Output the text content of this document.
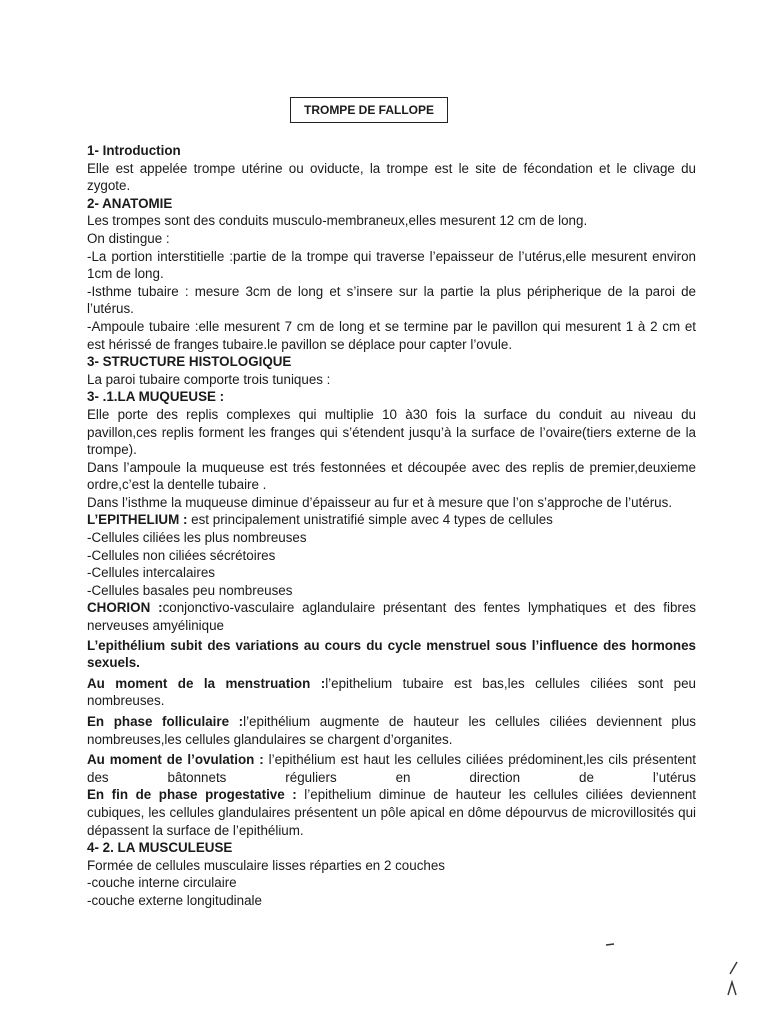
TROMPE DE FALLOPE

1- Introduction

Elle est appelée trompe utérine ou oviducte, la trompe est le site de fécondation et le clivage du zygote.

2- ANATOMIE

Les trompes sont des conduits musculo-membraneux,elles mesurent 12 cm de long.

On distingue :

-La portion interstitielle :partie de la trompe qui traverse l’epaisseur de l’utérus,elle mesurent environ 1cm de long.

-Isthme tubaire : mesure 3cm de long et s’insere sur la partie la plus péripherique de la paroi de l’utérus.

-Ampoule tubaire :elle mesurent 7 cm de long et se termine par le pavillon qui mesurent 1 à 2 cm et est hérissé de franges tubaire.le pavillon se déplace pour capter l’ovule.

3- STRUCTURE HISTOLOGIQUE

La paroi tubaire comporte trois tuniques :

3- .1.LA MUQUEUSE :

Elle porte des replis complexes qui multiplie 10 à30 fois la surface du conduit au niveau du pavillon,ces replis forment les franges qui s’étendent jusqu’à la surface de l’ovaire(tiers externe de la trompe).

Dans l’ampoule la muqueuse est trés festonnées et découpée avec des replis de premier,deuxieme ordre,c’est la dentelle tubaire .

Dans l’isthme la muqueuse diminue d’épaisseur au fur et à mesure que l’on s’approche de l’utérus.

L’EPITHELIUM : est principalement unistratifié simple avec 4 types de cellules

-Cellules ciliées les plus nombreuses

-Cellules non ciliées sécrétoires

-Cellules intercalaires

-Cellules basales peu nombreuses

CHORION :conjonctivo-vasculaire aglandulaire présentant des fentes lymphatiques et des fibres nerveuses amyélinique

L’epithélium subit des variations au cours du cycle menstruel sous l’influence des hormones sexuels.

Au moment de la menstruation :l’epithelium tubaire est bas,les cellules ciliées sont peu nombreuses.

En phase folliculaire :l’epithélium augmente de hauteur les cellules ciliées deviennent plus nombreuses,les cellules glandulaires se chargent d’organites.

Au moment de l’ovulation : l’epithélium est haut les cellules ciliées prédominent,les cils présentent des bâtonnets réguliers en direction de l’utérus

En fin de phase progestative : l’epithelium diminue de hauteur les cellules ciliées deviennent cubiques, les cellules glandulaires présentent un pôle apical en dôme dépourvus de microvillosités qui dépassent la surface de l’epithélium.

4- 2. LA MUSCULEUSE

Formée de cellules musculaire lisses réparties en 2 couches

-couche interne circulaire

-couche externe longitudinale
